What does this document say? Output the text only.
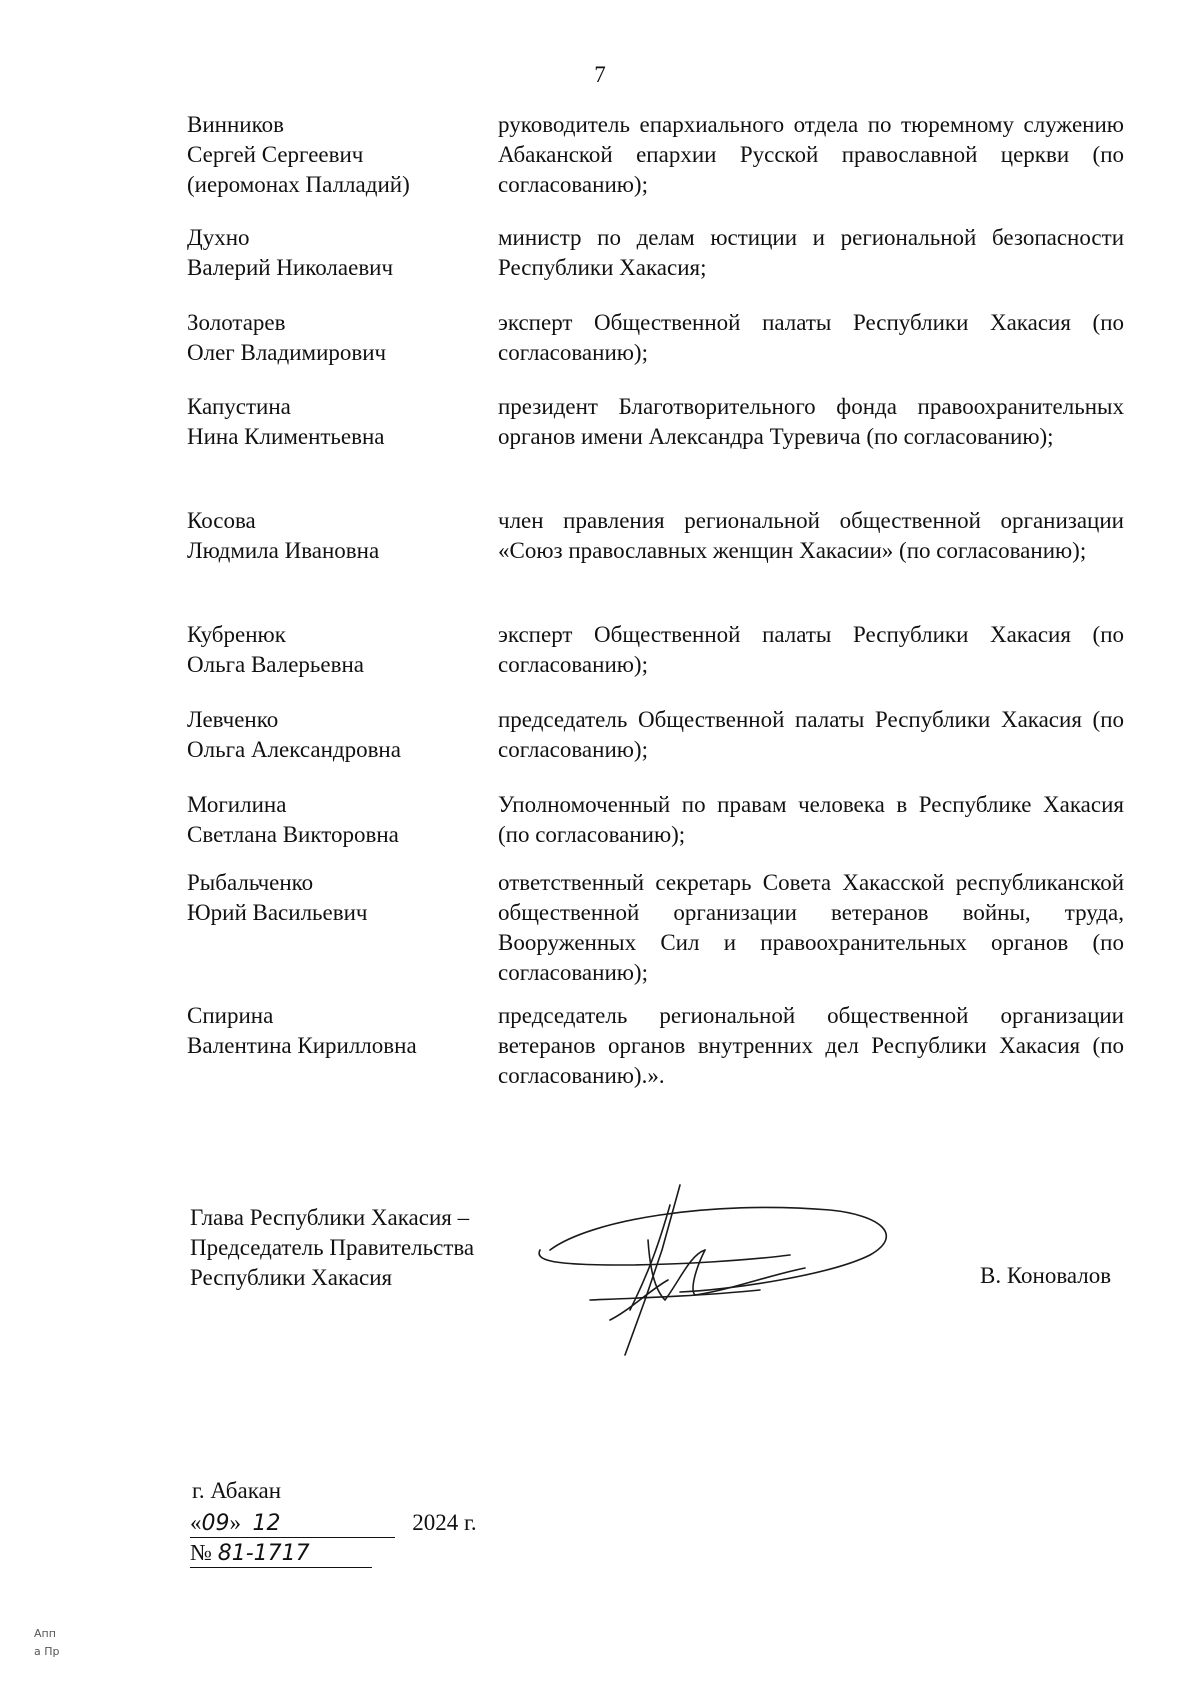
7
Винников
Сергей Сергеевич
(иеромонах Палладий)
руководитель епархиального отдела по тюремному служению Абаканской епархии Русской православной церкви (по согласованию);
Духно
Валерий Николаевич
министр по делам юстиции и региональной безопасности Республики Хакасия;
Золотарев
Олег Владимирович
эксперт Общественной палаты Республики Хакасия (по согласованию);
Капустина
Нина Климентьевна
президент Благотворительного фонда правоохранительных органов имени Александра Туревича (по согласованию);
Косова
Людмила Ивановна
член правления региональной общественной организации «Союз православных женщин Хакасии» (по согласованию);
Кубренюк
Ольга Валерьевна
эксперт Общественной палаты Республики Хакасия (по согласованию);
Левченко
Ольга Александровна
председатель Общественной палаты Республики Хакасия (по согласованию);
Могилина
Светлана Викторовна
Уполномоченный по правам человека в Республике Хакасия (по согласованию);
Рыбальченко
Юрий Васильевич
ответственный секретарь Совета Хакасской республиканской общественной организации ветеранов войны, труда, Вооруженных Сил и правоохранительных органов (по согласованию);
Спирина
Валентина Кирилловна
председатель региональной общественной организации ветеранов органов внутренних дел Республики Хакасия (по согласованию).».
Глава Республики Хакасия –
Председатель Правительства
Республики Хакасия	В. Коновалов
г. Абакан
«09» 12	2024 г.
№ 81-1717
Апп
а Пр
